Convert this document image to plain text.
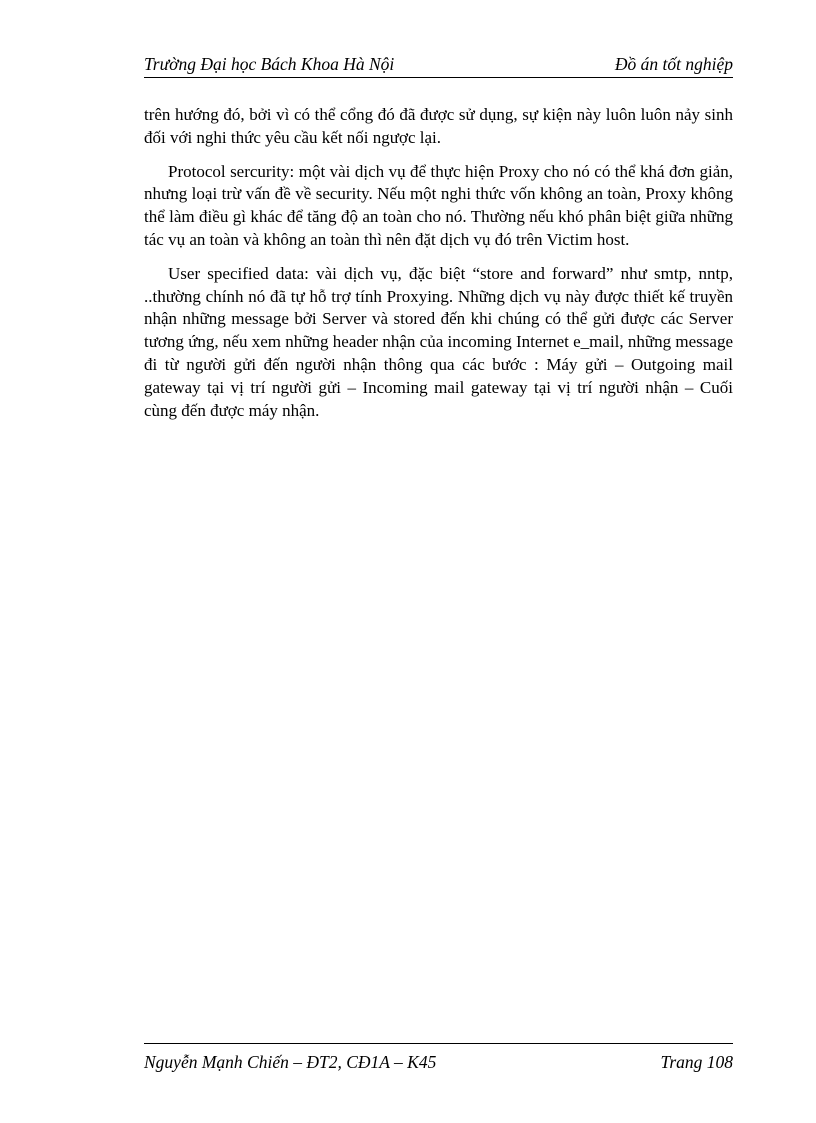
Trường Đại học Bách Khoa Hà Nội	Đồ án tốt nghiệp

trên hướng đó, bởi vì có thể cổng đó đã được sử dụng, sự kiện này luôn luôn nảy sinh đối với nghi thức yêu cầu kết nối ngược lại.

Protocol sercurity: một vài dịch vụ để thực hiện Proxy cho nó có thể khá đơn giản, nhưng loại trừ vấn đề về security. Nếu một nghi thức vốn không an toàn, Proxy không thể làm điều gì khác để tăng độ an toàn cho nó. Thường nếu khó phân biệt giữa những tác vụ an toàn và không an toàn thì nên đặt dịch vụ đó trên Victim host.

User specified data: vài dịch vụ, đặc biệt “store and forward” như smtp, nntp, ..thường chính nó đã tự hỗ trợ tính Proxying. Những dịch vụ này được thiết kế truyền nhận những message bởi Server và stored đến khi chúng có thể gửi được các Server tương ứng, nếu xem những header nhận của incoming Internet e_mail, những message đi từ người gửi đến người nhận thông qua các bước : Máy gửi – Outgoing mail gateway tại vị trí người gửi – Incoming mail gateway tại vị trí người nhận – Cuối cùng đến được máy nhận.

Nguyễn Mạnh Chiến – ĐT2, CĐ1A – K45	Trang 108
